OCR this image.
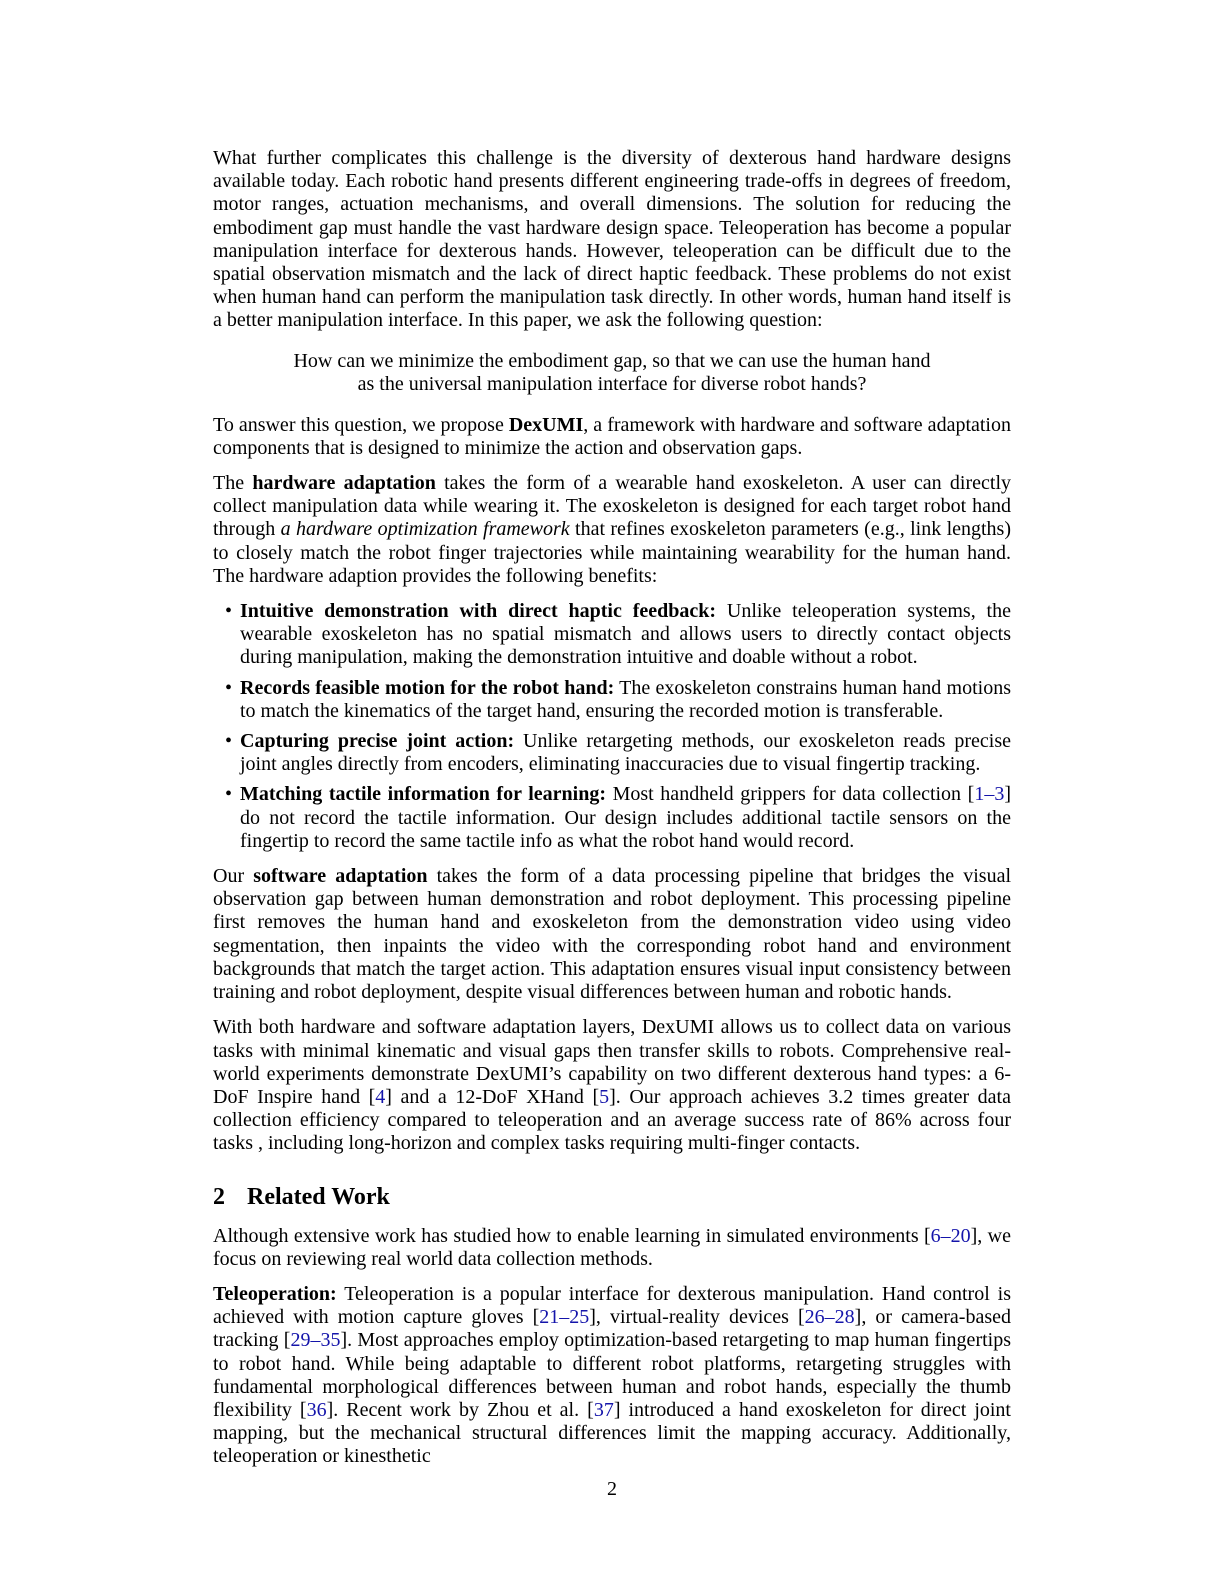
What further complicates this challenge is the diversity of dexterous hand hardware designs available today. Each robotic hand presents different engineering trade-offs in degrees of freedom, motor ranges, actuation mechanisms, and overall dimensions. The solution for reducing the embodiment gap must handle the vast hardware design space. Teleoperation has become a popular manipulation interface for dexterous hands. However, teleoperation can be difficult due to the spatial observation mismatch and the lack of direct haptic feedback. These problems do not exist when human hand can perform the manipulation task directly. In other words, human hand itself is a better manipulation interface. In this paper, we ask the following question:

How can we minimize the embodiment gap, so that we can use the human hand
as the universal manipulation interface for diverse robot hands?

To answer this question, we propose DexUMI, a framework with hardware and software adaptation components that is designed to minimize the action and observation gaps.

The hardware adaptation takes the form of a wearable hand exoskeleton. A user can directly collect manipulation data while wearing it. The exoskeleton is designed for each target robot hand through a hardware optimization framework that refines exoskeleton parameters (e.g., link lengths) to closely match the robot finger trajectories while maintaining wearability for the human hand. The hardware adaption provides the following benefits:

• Intuitive demonstration with direct haptic feedback: Unlike teleoperation systems, the wearable exoskeleton has no spatial mismatch and allows users to directly contact objects during manipulation, making the demonstration intuitive and doable without a robot.
• Records feasible motion for the robot hand: The exoskeleton constrains human hand motions to match the kinematics of the target hand, ensuring the recorded motion is transferable.
• Capturing precise joint action: Unlike retargeting methods, our exoskeleton reads precise joint angles directly from encoders, eliminating inaccuracies due to visual fingertip tracking.
• Matching tactile information for learning: Most handheld grippers for data collection [1–3] do not record the tactile information. Our design includes additional tactile sensors on the fingertip to record the same tactile info as what the robot hand would record.

Our software adaptation takes the form of a data processing pipeline that bridges the visual observation gap between human demonstration and robot deployment. This processing pipeline first removes the human hand and exoskeleton from the demonstration video using video segmentation, then inpaints the video with the corresponding robot hand and environment backgrounds that match the target action. This adaptation ensures visual input consistency between training and robot deployment, despite visual differences between human and robotic hands.

With both hardware and software adaptation layers, DexUMI allows us to collect data on various tasks with minimal kinematic and visual gaps then transfer skills to robots. Comprehensive real-world experiments demonstrate DexUMI’s capability on two different dexterous hand types: a 6-DoF Inspire hand [4] and a 12-DoF XHand [5]. Our approach achieves 3.2 times greater data collection efficiency compared to teleoperation and an average success rate of 86% across four tasks , including long-horizon and complex tasks requiring multi-finger contacts.

2 Related Work

Although extensive work has studied how to enable learning in simulated environments [6–20], we focus on reviewing real world data collection methods.

Teleoperation: Teleoperation is a popular interface for dexterous manipulation. Hand control is achieved with motion capture gloves [21–25], virtual-reality devices [26–28], or camera-based tracking [29–35]. Most approaches employ optimization-based retargeting to map human fingertips to robot hand. While being adaptable to different robot platforms, retargeting struggles with fundamental morphological differences between human and robot hands, especially the thumb flexibility [36]. Recent work by Zhou et al. [37] introduced a hand exoskeleton for direct joint mapping, but the mechanical structural differences limit the mapping accuracy. Additionally, teleoperation or kinesthetic

2
